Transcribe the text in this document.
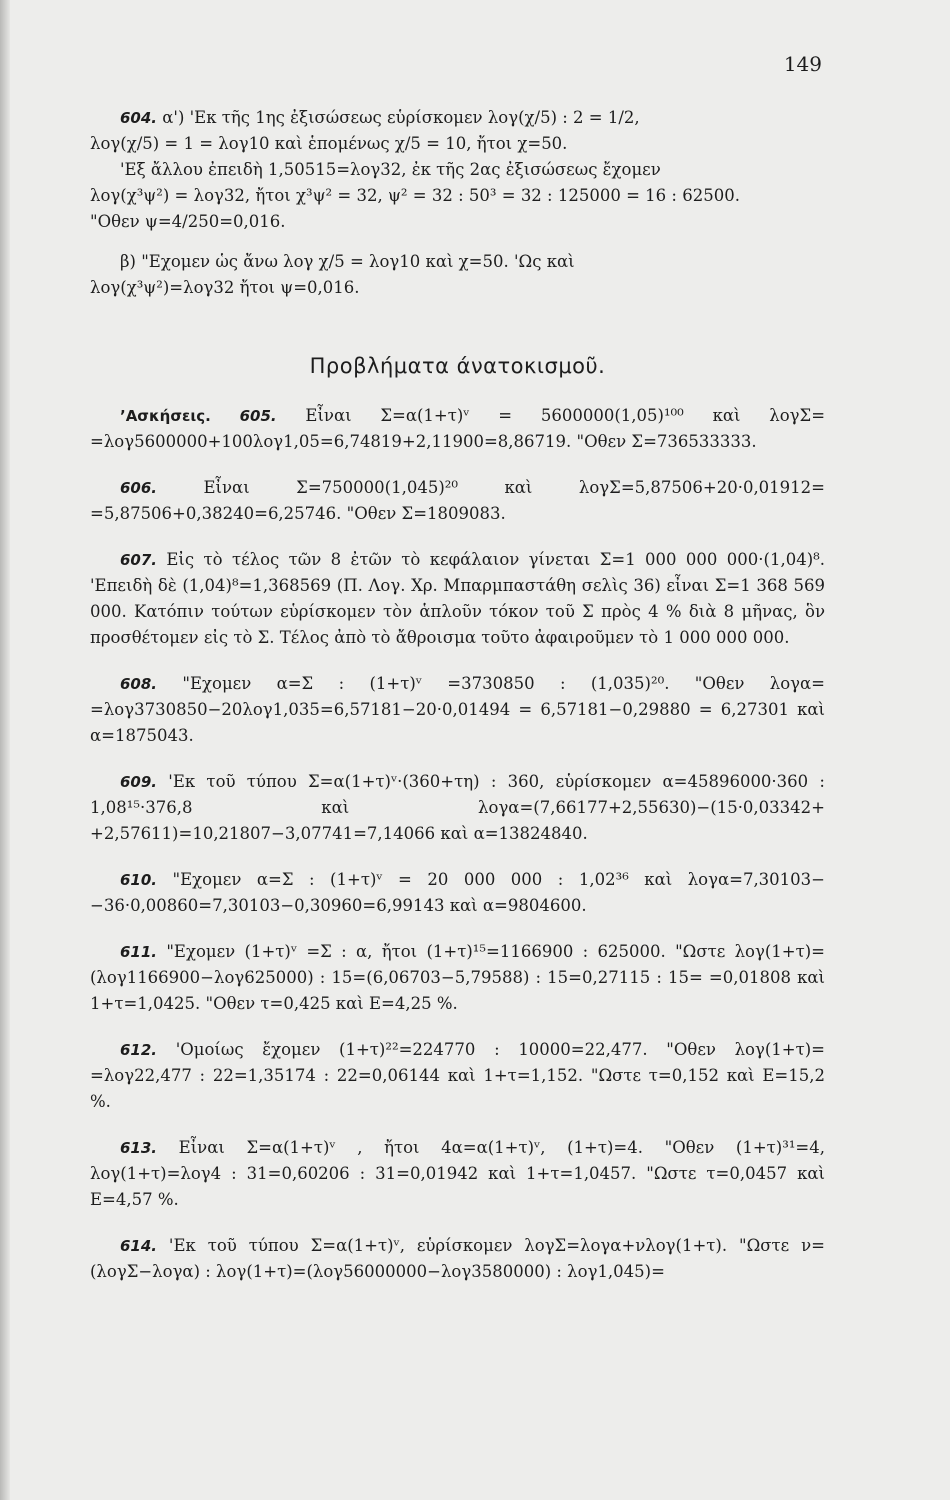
149

604. α') 'Εκ τῆς 1ης ἐξισώσεως εὑρίσκομεν λογ(χ/5) : 2 = 1/2,

λογ(χ/5) = 1 = λογ10 καὶ ἑπομένως χ/5 = 10, ἤτοι χ=50.

'Εξ ἄλλου ἐπειδὴ 1,50515=λογ32, ἐκ τῆς 2ας ἐξισώσεως ἔχομεν

λογ(χ³ψ²) = λογ32, ἤτοι χ³ψ² = 32, ψ² = 32 : 50³ = 32 : 125000 = 16 : 62500.

"Οθεν ψ=4/250=0,016.

β) "Εχομεν ὡς ἄνω λογ χ/5 = λογ10 καὶ χ=50. 'Ως καὶ

λογ(χ³ψ²)=λογ32 ἤτοι ψ=0,016.

Προβλήματα άνατοκισμοῦ.

’Ασκήσεις. 605. Εἶναι Σ=α(1+τ)ᵛ = 5600000(1,05)¹⁰⁰ καὶ λογΣ= =λογ5600000+100λογ1,05=6,74819+2,11900=8,86719. "Οθεν Σ=736533333.

606.	Εἶναι Σ=750000(1,045)²⁰ καὶ λογΣ=5,87506+20·0,01912= =5,87506+0,38240=6,25746. "Οθεν Σ=1809083.

607. Εἰς τὸ τέλος τῶν 8 ἐτῶν τὸ κεφάλαιον γίνεται Σ=1 000 000 000·(1,04)⁸. 'Επειδὴ δὲ (1,04)⁸=1,368569 (Π. Λογ. Χρ. Μπαρμπαστάθη σελὶς 36) εἶναι Σ=1 368 569 000. Κατόπιν τούτων εὑρίσκομεν τὸν ἁπλοῦν τόκον τοῦ Σ πρὸς 4 % διὰ 8 μῆνας, ὃν προσθέτομεν εἰς τὸ Σ. Τέλος ἀπὸ τὸ ἄθροισμα τοῦτο ἀφαιροῦμεν τὸ 1 000 000 000.

608. "Εχομεν α=Σ : (1+τ)ᵛ =3730850 : (1,035)²⁰. "Οθεν λογα= =λογ3730850−20λογ1,035=6,57181−20·0,01494 = 6,57181−0,29880 = 6,27301 καὶ α=1875043.

609. 'Εκ τοῦ τύπου Σ=α(1+τ)ᵛ·(360+τη) : 360, εὑρίσκομεν α=45896000·360 : 1,08¹⁵·376,8 καὶ λογα=(7,66177+2,55630)−(15·0,03342+ +2,57611)=10,21807−3,07741=7,14066 καὶ α=13824840.

610. "Εχομεν α=Σ : (1+τ)ᵛ = 20 000 000 : 1,02³⁶ καὶ λογα=7,30103− −36·0,00860=7,30103−0,30960=6,99143 καὶ α=9804600.

611. "Εχομεν (1+τ)ᵛ =Σ : α, ἤτοι (1+τ)¹⁵=1166900 : 625000. "Ωστε λογ(1+τ)=(λογ1166900−λογ625000) : 15=(6,06703−5,79588) : 15=0,27115 : 15= =0,01808 καὶ 1+τ=1,0425. "Οθεν τ=0,425 καὶ Ε=4,25 %.

612. 'Ομοίως ἔχομεν (1+τ)²²=224770 : 10000=22,477. "Οθεν λογ(1+τ)= =λογ22,477 : 22=1,35174 : 22=0,06144 καὶ 1+τ=1,152. "Ωστε τ=0,152 καὶ Ε=15,2 %.

613. Εἶναι Σ=α(1+τ)ᵛ , ἤτοι 4α=α(1+τ)ᵛ, (1+τ)=4. "Οθεν (1+τ)³¹=4, λογ(1+τ)=λογ4 : 31=0,60206 : 31=0,01942 καὶ 1+τ=1,0457. "Ωστε τ=0,0457 καὶ Ε=4,57 %.

614. 'Εκ τοῦ τύπου Σ=α(1+τ)ᵛ, εὑρίσκομεν λογΣ=λογα+νλογ(1+τ). "Ωστε ν=(λογΣ−λογα) : λογ(1+τ)=(λογ56000000−λογ3580000) : λογ1,045)=
